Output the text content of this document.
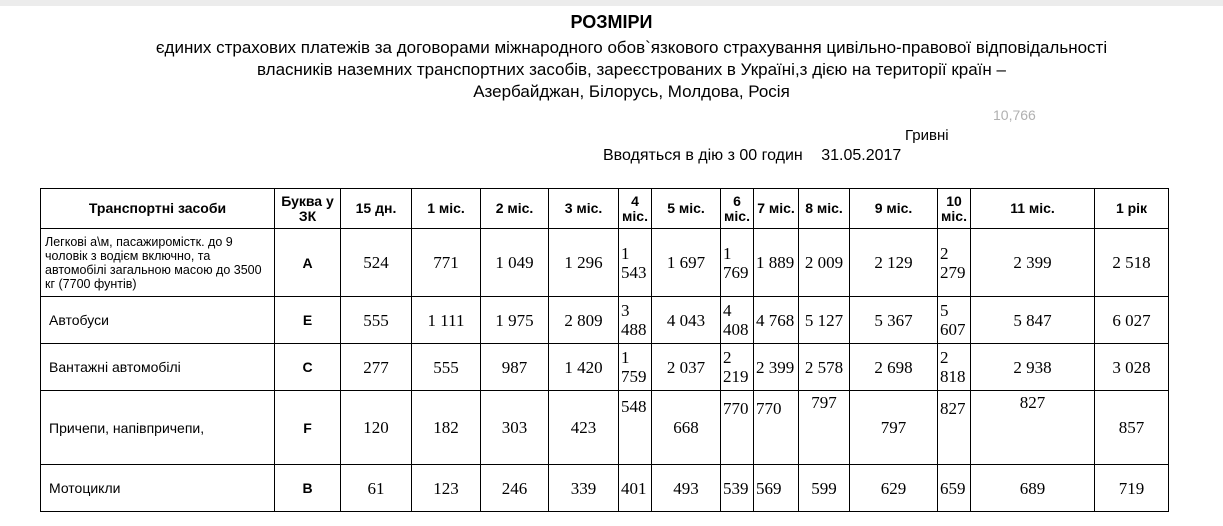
РОЗМІРИ
єдиних страхових платежів за договорами міжнародного обов`язкового страхування цивільно-правової відповідальності
власників наземних транспортних засобів, зареєстрованих в Україні,з дією на території країн –
Азербайджан, Білорусь, Молдова, Росія
10,766
Гривні
Вводяться в дію з 00 годин 31.05.2017
Транспортні засоби	Буква у ЗК	15 дн.	1 міс.	2 міс.	3 міс.	4 міс.	5 міс.	6 міс.	7 міс.	8 міс.	9 міс.	10 міс.	11 міс.	1 рік
Легкові а\м, пасажиромістк. до 9 чоловік з водієм включно, та автомобілі загальною масою до 3500 кг (7700 фунтів)	А	524	771	1 049	1 296	1 543	1 697	1 769	1 889	2 009	2 129	2 279	2 399	2 518
Автобуси	Е	555	1 111	1 975	2 809	3 488	4 043	4 408	4 768	5 127	5 367	5 607	5 847	6 027
Вантажні автомобілі	С	277	555	987	1 420	1 759	2 037	2 219	2 399	2 578	2 698	2 818	2 938	3 028
Причепи, напівпричепи,	F	120	182	303	423	548	668	770	770	797	797	827	827	857
Мотоцикли	В	61	123	246	339	401	493	539	569	599	629	659	689	719
